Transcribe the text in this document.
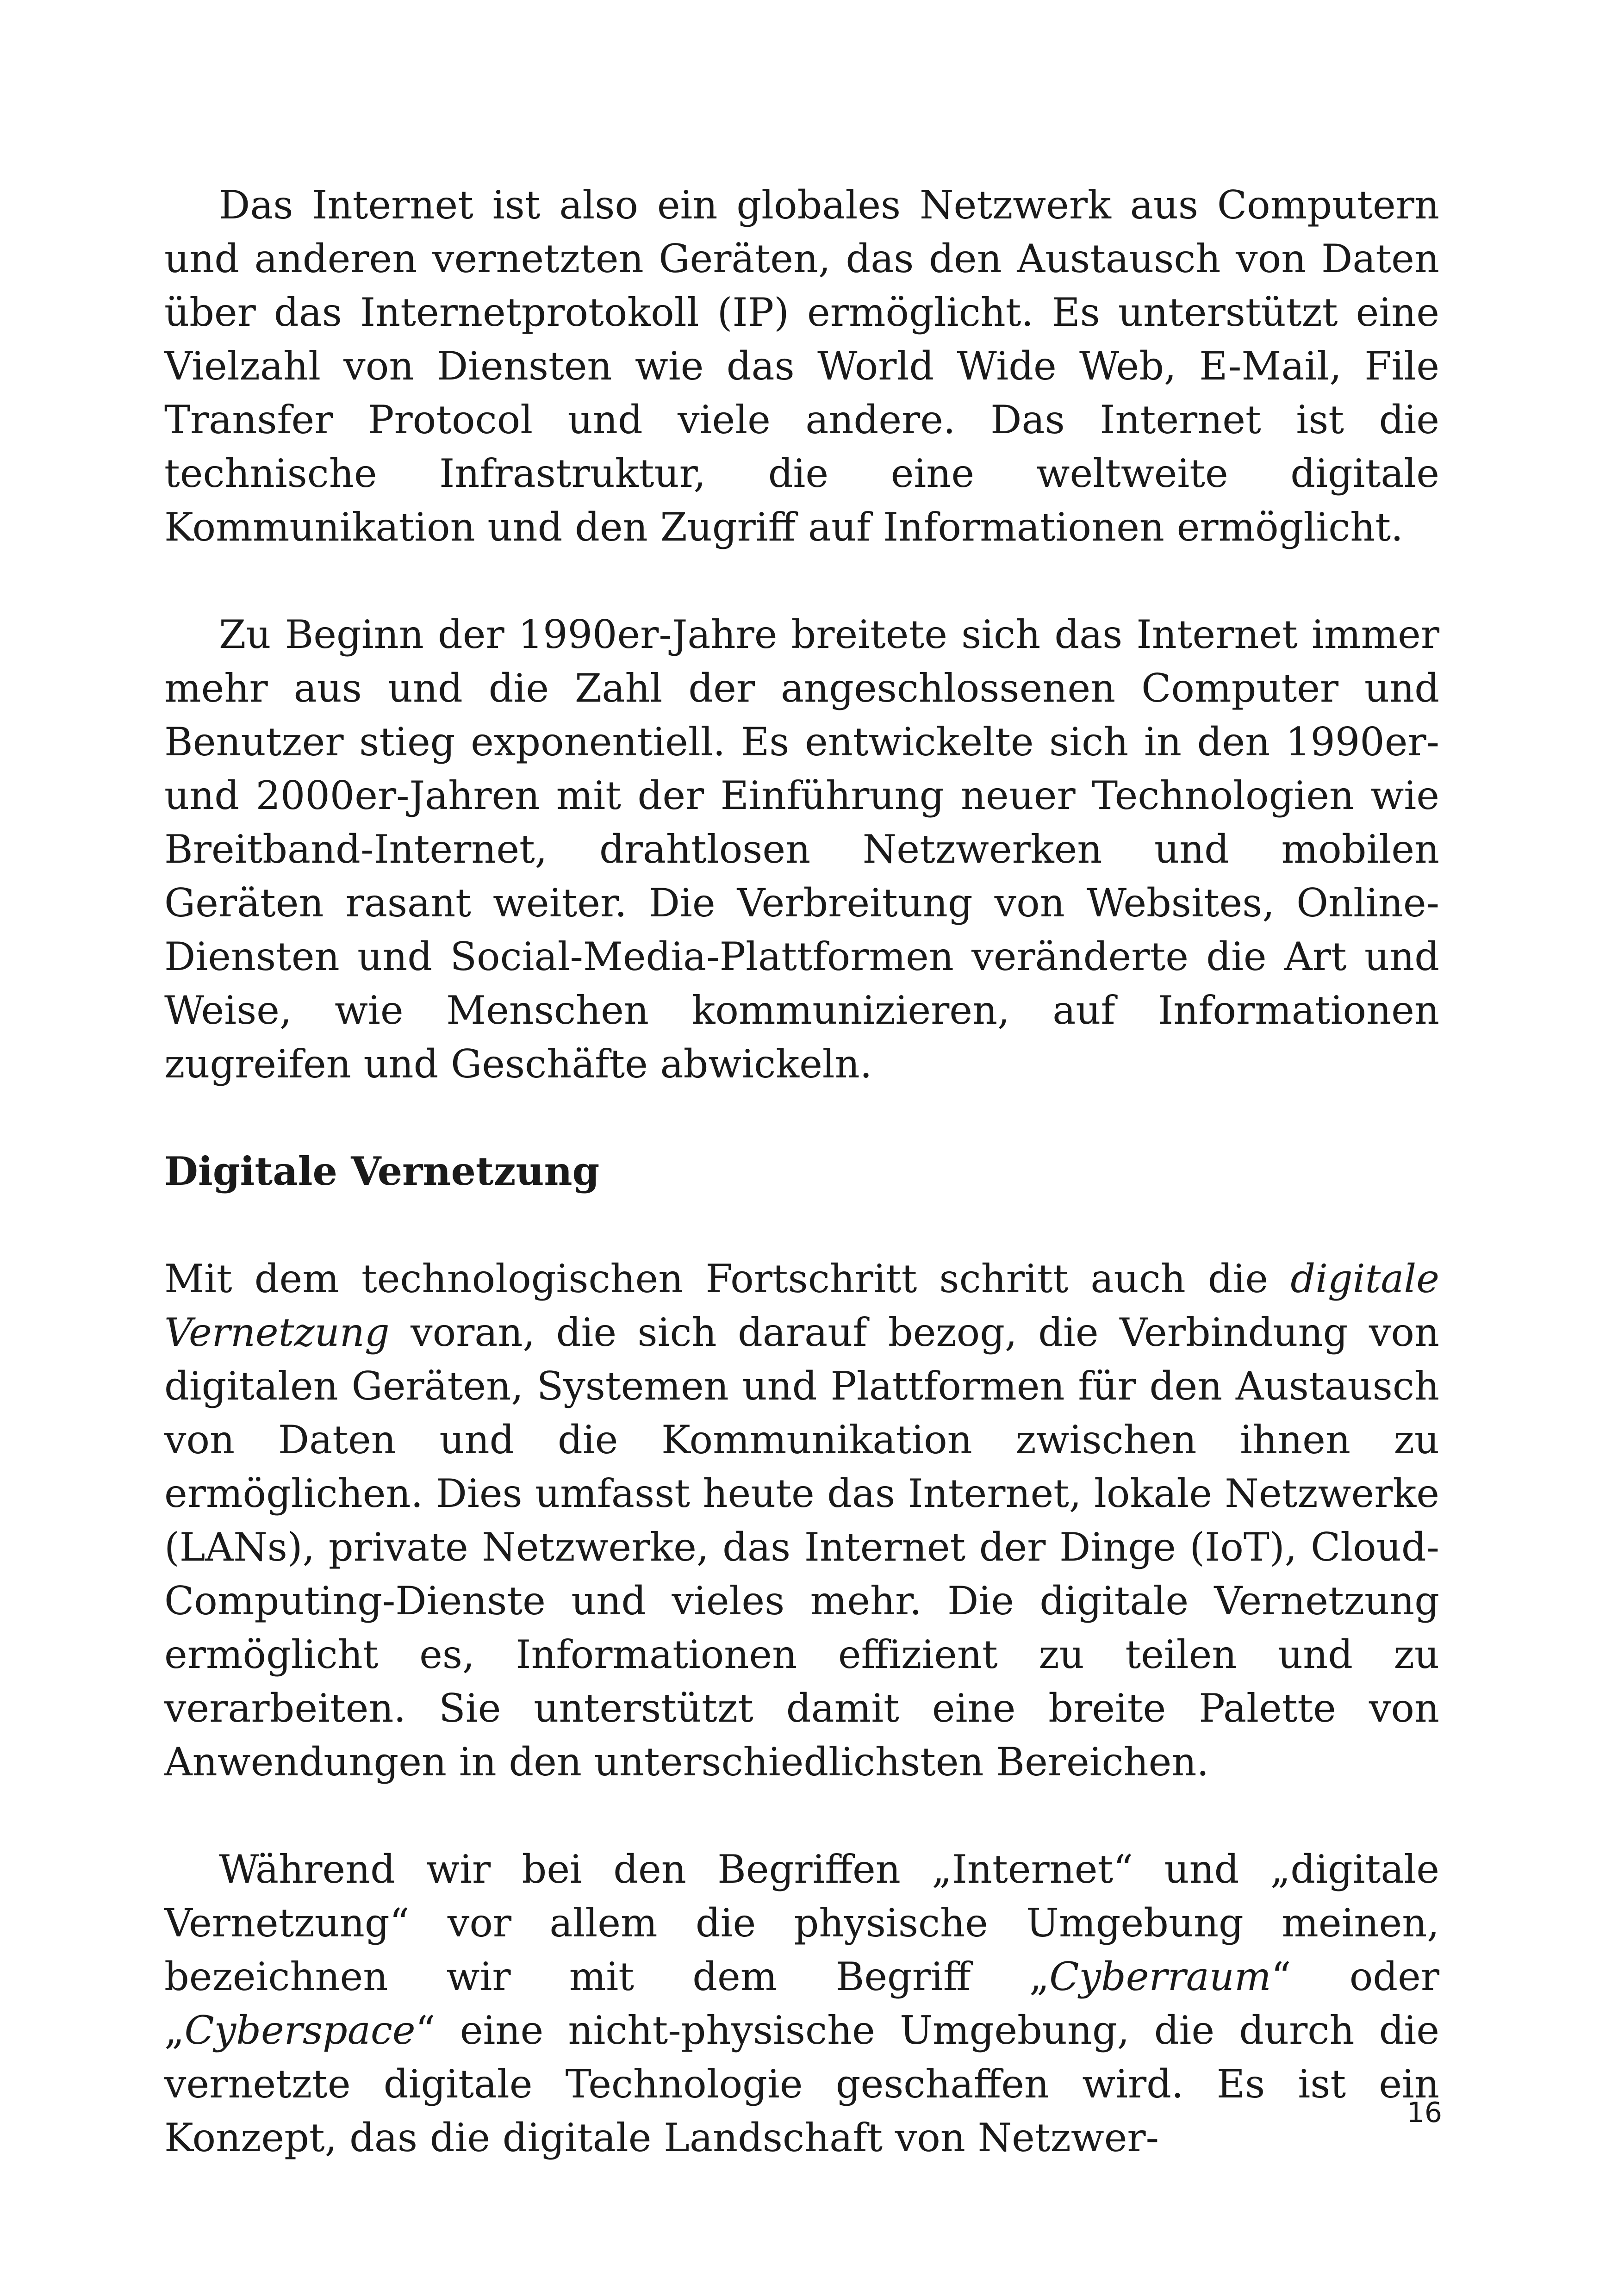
Das Internet ist also ein globales Netzwerk aus Computern und anderen vernetzten Geräten, das den Austausch von Daten über das Internetprotokoll (IP) ermöglicht. Es unterstützt eine Vielzahl von Diensten wie das World Wide Web, E-Mail, File Transfer Protocol und viele andere. Das Internet ist die technische Infrastruktur, die eine weltweite digitale Kommunikation und den Zugriff auf Informationen ermöglicht.

Zu Beginn der 1990er-Jahre breitete sich das Internet immer mehr aus und die Zahl der angeschlossenen Computer und Benutzer stieg exponentiell. Es entwickelte sich in den 1990er- und 2000er-Jahren mit der Einführung neuer Technologien wie Breitband-Internet, drahtlosen Netzwerken und mobilen Geräten rasant weiter. Die Verbreitung von Websites, Online-Diensten und Social-Media-Plattformen veränderte die Art und Weise, wie Menschen kommunizieren, auf Informationen zugreifen und Geschäfte abwickeln.

Digitale Vernetzung

Mit dem technologischen Fortschritt schritt auch die digitale Vernetzung voran, die sich darauf bezog, die Verbindung von digitalen Geräten, Systemen und Plattformen für den Austausch von Daten und die Kommunikation zwischen ihnen zu ermöglichen. Dies umfasst heute das Internet, lokale Netzwerke (LANs), private Netzwerke, das Internet der Dinge (IoT), Cloud-Computing-Dienste und vieles mehr. Die digitale Vernetzung ermöglicht es, Informationen effizient zu teilen und zu verarbeiten. Sie unterstützt damit eine breite Palette von Anwendungen in den unterschiedlichsten Bereichen.

Während wir bei den Begriffen „Internet“ und „digitale Vernetzung“ vor allem die physische Umgebung meinen, bezeichnen wir mit dem Begriff „Cyberraum“ oder „Cyberspace“ eine nicht-physische Umgebung, die durch die vernetzte digitale Technologie geschaffen wird. Es ist ein Konzept, das die digitale Landschaft von Netzwer-

16
